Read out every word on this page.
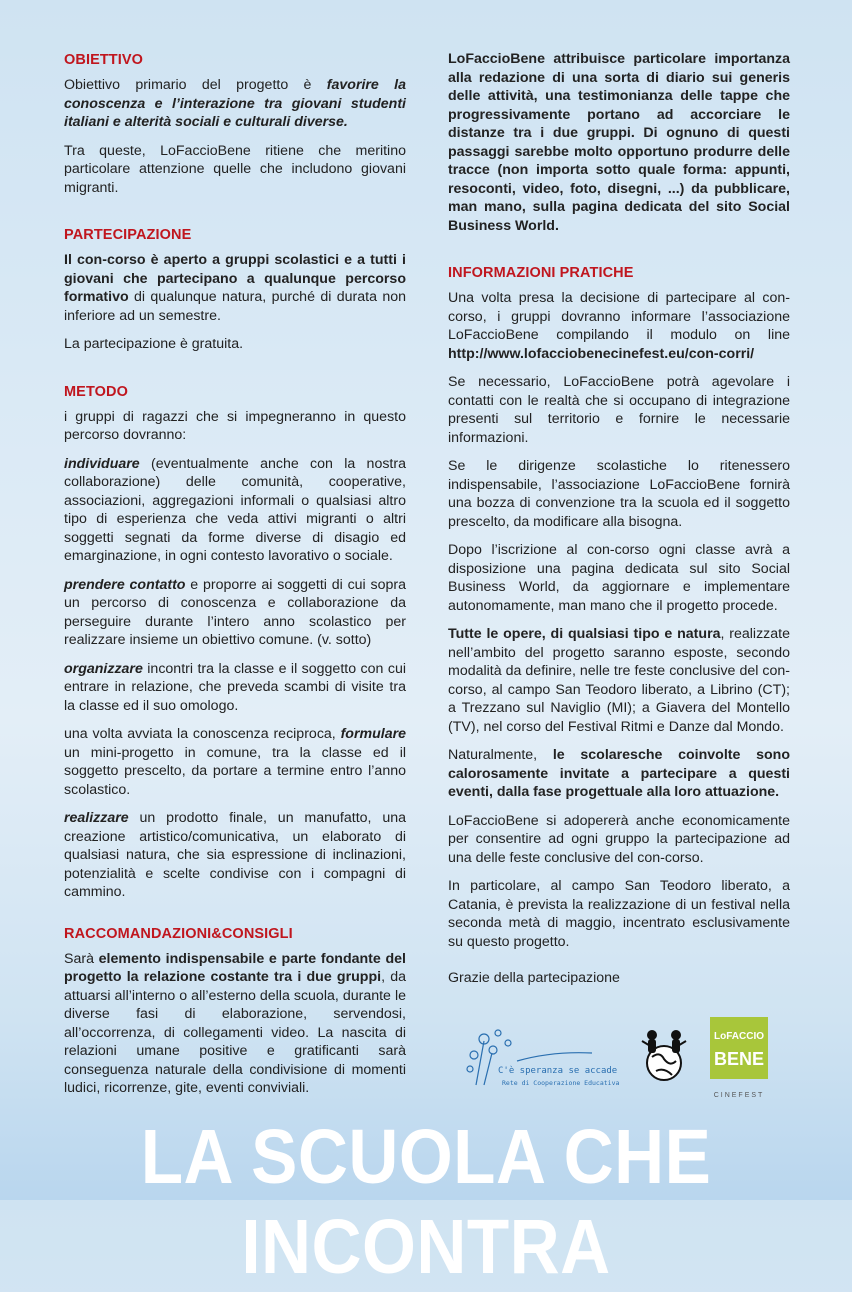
OBIETTIVO

Obiettivo primario del progetto è favorire la conoscenza e l’interazione tra giovani studenti italiani e alterità sociali e culturali diverse.

Tra queste, LoFaccioBene ritiene che meritino particolare attenzione quelle che includono giovani migranti.

PARTECIPAZIONE

Il con-corso è aperto a gruppi scolastici e a tutti i giovani che partecipano a qualunque percorso formativo di qualunque natura, purché di durata non inferiore ad un semestre.

La partecipazione è gratuita.

METODO

i gruppi di ragazzi che si impegneranno in questo percorso dovranno:

individuare (eventualmente anche con la nostra collaborazione) delle comunità, cooperative, associazioni, aggregazioni informali o qualsiasi altro tipo di esperienza che veda attivi migranti o altri soggetti segnati da forme diverse di disagio ed emarginazione, in ogni contesto lavorativo o sociale.

prendere contatto e proporre ai soggetti di cui sopra un percorso di conoscenza e collaborazione da perseguire durante l’intero anno scolastico per realizzare insieme un obiettivo comune. (v. sotto)

organizzare incontri tra la classe e il soggetto con cui entrare in relazione, che preveda scambi di visite tra la classe ed il suo omologo.

una volta avviata la conoscenza reciproca, formulare un mini-progetto in comune, tra la classe ed il soggetto prescelto, da portare a termine entro l’anno scolastico.

realizzare un prodotto finale, un manufatto, una creazione artistico/comunicativa, un elaborato di qualsiasi natura, che sia espressione di inclinazioni, potenzialità e scelte condivise con i compagni di cammino.

RACCOMANDAZIONI&CONSIGLI

Sarà elemento indispensabile e parte fondante del progetto la relazione costante tra i due gruppi, da attuarsi all’interno o all’esterno della scuola, durante le diverse fasi di elaborazione, servendosi, all’occorrenza, di collegamenti video. La nascita di relazioni umane positive e gratificanti sarà conseguenza naturale della condivisione di momenti ludici, ricorrenze, gite, eventi conviviali.

LoFaccioBene attribuisce particolare importanza alla redazione di una sorta di diario sui generis delle attività, una testimonianza delle tappe che progressivamente portano ad accorciare le distanze tra i due gruppi. Di ognuno di questi passaggi sarebbe molto opportuno produrre delle tracce (non importa sotto quale forma: appunti, resoconti, video, foto, disegni, ...) da pubblicare, man mano, sulla pagina dedicata del sito Social Business World.

INFORMAZIONI PRATICHE

Una volta presa la decisione di partecipare al con-corso, i gruppi dovranno informare l’associazione LoFaccioBene compilando il modulo on line http://www.lofacciobenecinefest.eu/con-corri/

Se necessario, LoFaccioBene potrà agevolare i contatti con le realtà che si occupano di integrazione presenti sul territorio e fornire le necessarie informazioni.

Se le dirigenze scolastiche lo ritenessero indispensabile, l’associazione LoFaccioBene fornirà una bozza di convenzione tra la scuola ed il soggetto prescelto, da modificare alla bisogna.

Dopo l’iscrizione al con-corso ogni classe avrà a disposizione una pagina dedicata sul sito Social Business World, da aggiornare e implementare autonomamente, man mano che il progetto procede.

Tutte le opere, di qualsiasi tipo e natura, realizzate nell’ambito del progetto saranno esposte, secondo modalità da definire, nelle tre feste conclusive del con-corso, al campo San Teodoro liberato, a Librino (CT); a Trezzano sul Naviglio (MI); a Giavera del Montello (TV), nel corso del Festival Ritmi e Danze dal Mondo.

Naturalmente, le scolaresche coinvolte sono calorosamente invitate a partecipare a questi eventi, dalla fase progettuale alla loro attuazione.

LoFaccioBene si adopererà anche economicamente per consentire ad ogni gruppo la partecipazione ad una delle feste conclusive del con-corso.

In particolare, al campo San Teodoro liberato, a Catania, è prevista la realizzazione di un festival nella seconda metà di maggio, incentrato esclusivamente su questo progetto.

Grazie della partecipazione

C'è speranza se accade
Rete di Cooperazione Educativa
LoFACCIO
BENE
CINEFEST
LA SCUOLA CHE INCONTRA
